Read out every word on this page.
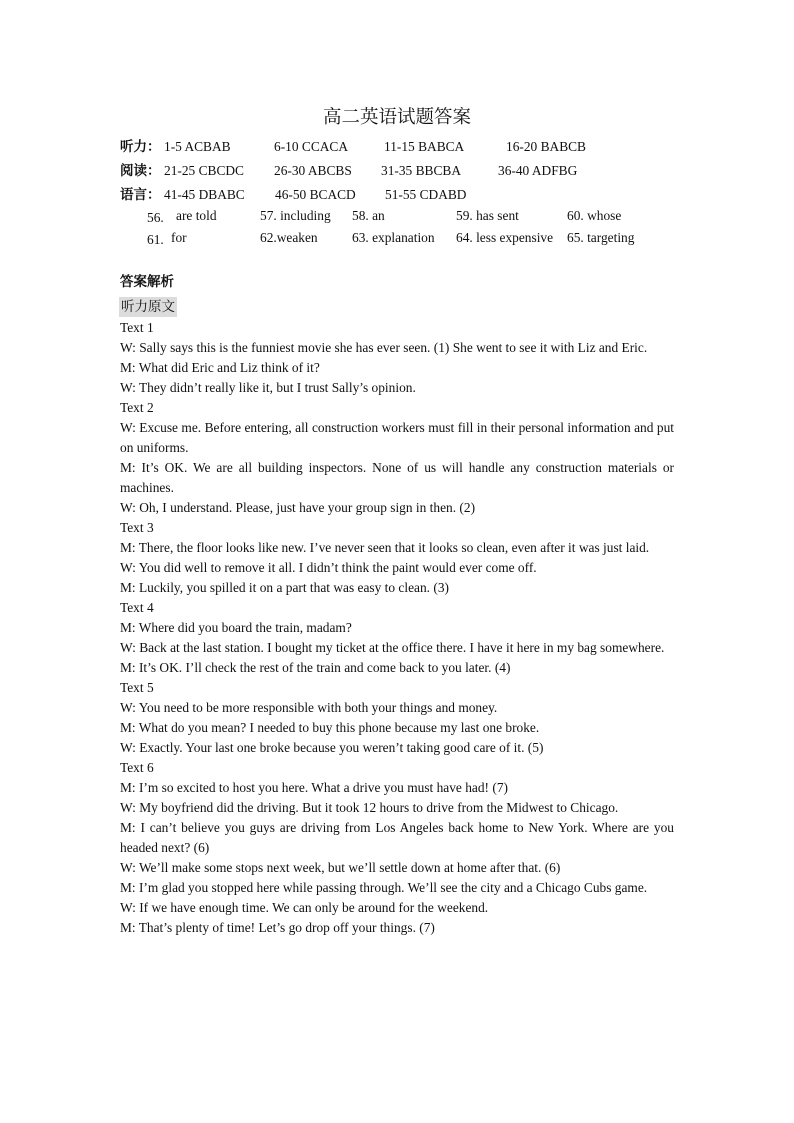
高二英语试题答案
听力： 1-5 ACBAB	6-10 CCACA	11-15 BABCA	16-20 BABCB
阅读： 21-25 CBCDC 26-30 ABCBS 31-35 BBCBA	36-40 ADFBG
语言： 41-45 DBABC 46-50 BCACD 51-55 CDABD
56. are told	57. including 58. an	59. has sent	60. whose
61. for	62.weaken	63. explanation 64. less expensive 65. targeting
答案解析
听力原文

Text 1

W: Sally says this is the funniest movie she has ever seen. (1) She went to see it with Liz and Eric.

M: What did Eric and Liz think of it?

W: They didn’t really like it, but I trust Sally’s opinion.

Text 2

W: Excuse me. Before entering, all construction workers must fill in their personal information and put on uniforms.

M: It’s OK. We are all building inspectors. None of us will handle any construction materials or machines.

W: Oh, I understand. Please, just have your group sign in then. (2)

Text 3

M: There, the floor looks like new. I’ve never seen that it looks so clean, even after it was just laid.

W: You did well to remove it all. I didn’t think the paint would ever come off.

M: Luckily, you spilled it on a part that was easy to clean. (3)

Text 4

M: Where did you board the train, madam?

W: Back at the last station. I bought my ticket at the office there. I have it here in my bag somewhere.

M: It’s OK. I’ll check the rest of the train and come back to you later. (4)

Text 5

W: You need to be more responsible with both your things and money.

M: What do you mean? I needed to buy this phone because my last one broke.

W: Exactly. Your last one broke because you weren’t taking good care of it. (5)

Text 6

M: I’m so excited to host you here. What a drive you must have had! (7)

W: My boyfriend did the driving. But it took 12 hours to drive from the Midwest to Chicago.

M: I can’t believe you guys are driving from Los Angeles back home to New York. Where are you headed next? (6)

W: We’ll make some stops next week, but we’ll settle down at home after that. (6)

M: I’m glad you stopped here while passing through. We’ll see the city and a Chicago Cubs game.

W: If we have enough time. We can only be around for the weekend.

M: That’s plenty of time! Let’s go drop off your things. (7)
